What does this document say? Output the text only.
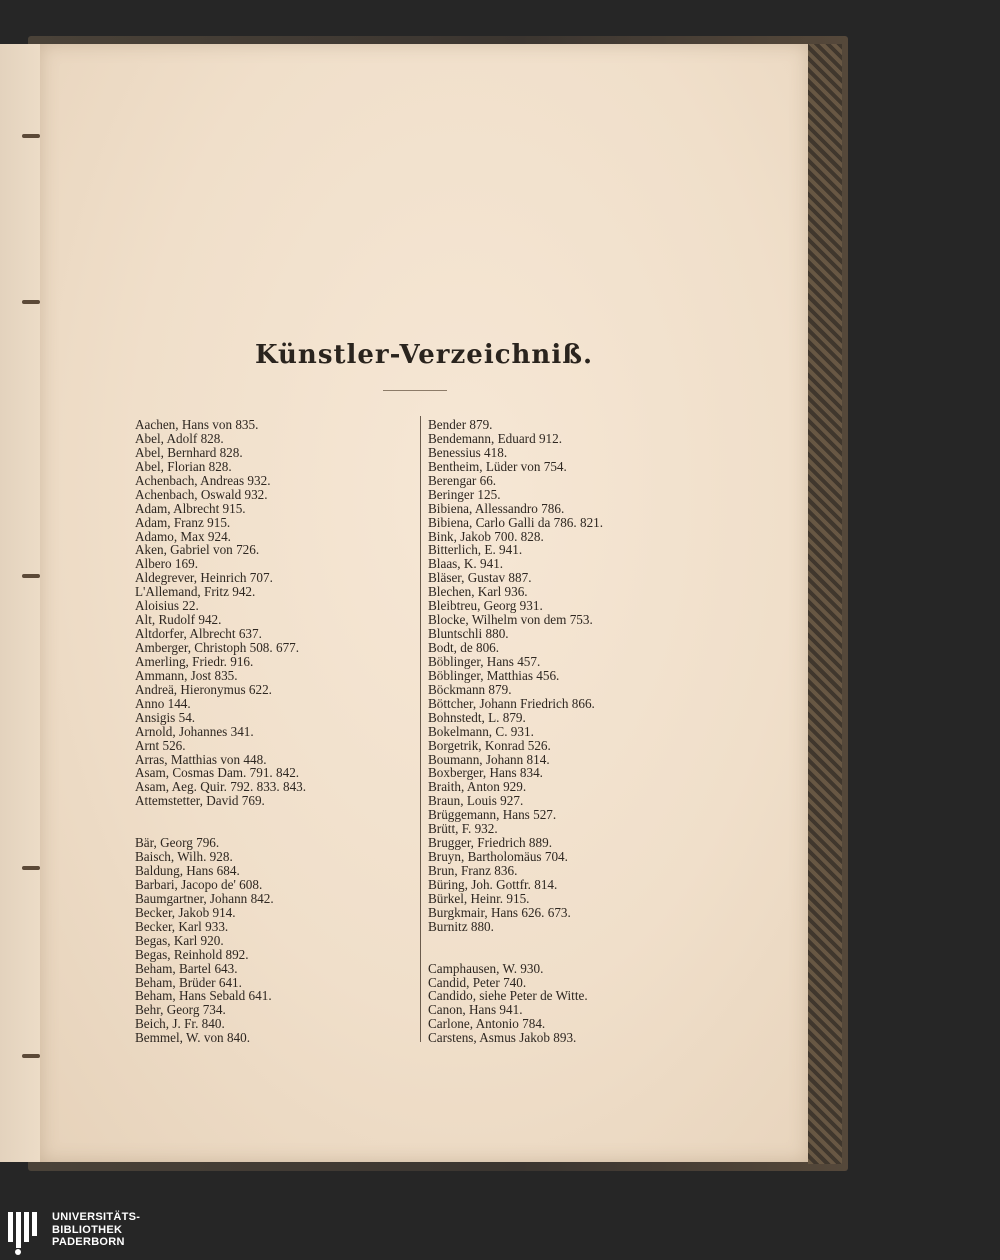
Künstler-Verzeichniß.
Aachen, Hans von 835.
Abel, Adolf 828.
Abel, Bernhard 828.
Abel, Florian 828.
Achenbach, Andreas 932.
Achenbach, Oswald 932.
Adam, Albrecht 915.
Adam, Franz 915.
Adamo, Max 924.
Aken, Gabriel von 726.
Albero 169.
Aldegrever, Heinrich 707.
L'Allemand, Fritz 942.
Aloisius 22.
Alt, Rudolf 942.
Altdorfer, Albrecht 637.
Amberger, Christoph 508. 677.
Amerling, Friedr. 916.
Ammann, Jost 835.
Andreä, Hieronymus 622.
Anno 144.
Ansigis 54.
Arnold, Johannes 341.
Arnt 526.
Arras, Matthias von 448.
Asam, Cosmas Dam. 791. 842.
Asam, Aeg. Quir. 792. 833. 843.
Attemstetter, David 769.
Bär, Georg 796.
Baisch, Wilh. 928.
Baldung, Hans 684.
Barbari, Jacopo de' 608.
Baumgartner, Johann 842.
Becker, Jakob 914.
Becker, Karl 933.
Begas, Karl 920.
Begas, Reinhold 892.
Beham, Bartel 643.
Beham, Brüder 641.
Beham, Hans Sebald 641.
Behr, Georg 734.
Beich, J. Fr. 840.
Bemmel, W. von 840.
Bender 879.
Bendemann, Eduard 912.
Benessius 418.
Bentheim, Lüder von 754.
Berengar 66.
Beringer 125.
Bibiena, Allessandro 786.
Bibiena, Carlo Galli da 786. 821.
Bink, Jakob 700. 828.
Bitterlich, E. 941.
Blaas, K. 941.
Bläser, Gustav 887.
Blechen, Karl 936.
Bleibtreu, Georg 931.
Blocke, Wilhelm von dem 753.
Bluntschli 880.
Bodt, de 806.
Böblinger, Hans 457.
Böblinger, Matthias 456.
Böckmann 879.
Böttcher, Johann Friedrich 866.
Bohnstedt, L. 879.
Bokelmann, C. 931.
Borgetrik, Konrad 526.
Boumann, Johann 814.
Boxberger, Hans 834.
Braith, Anton 929.
Braun, Louis 927.
Brüggemann, Hans 527.
Brütt, F. 932.
Brugger, Friedrich 889.
Bruyn, Bartholomäus 704.
Brun, Franz 836.
Büring, Joh. Gottfr. 814.
Bürkel, Heinr. 915.
Burgkmair, Hans 626. 673.
Burnitz 880.
Camphausen, W. 930.
Candid, Peter 740.
Candido, siehe Peter de Witte.
Canon, Hans 941.
Carlone, Antonio 784.
Carstens, Asmus Jakob 893.
UNIVERSITÄTS-
BIBLIOTHEK
PADERBORN
